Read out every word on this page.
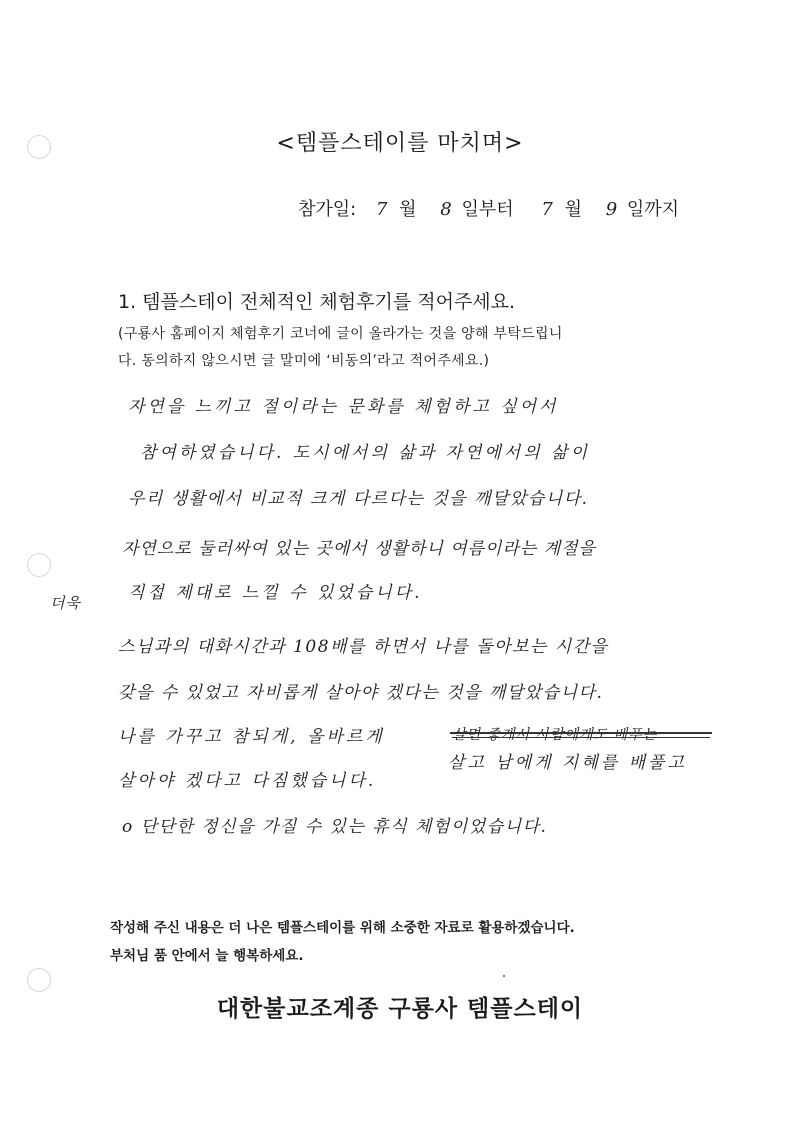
<템플스테이를 마치며>
참가일: 7 월 8 일부터 7 월 9 일까지
1. 템플스테이 전체적인 체험후기를 적어주세요.
(구룡사 홈페이지 체험후기 코너에 글이 올라가는 것을 양해 부탁드립니
다. 동의하지 않으시면 글 말미에 ‘비동의’라고 적어주세요.)
더욱
자연을 느끼고 절이라는 문화를 체험하고 싶어서
참여하였습니다. 도시에서의 삶과 자연에서의 삶이
우리 생활에서 비교적 크게 다르다는 것을 깨달았습니다.
자연으로 둘러싸여 있는 곳에서 생활하니 여름이라는 계절을
직접 제대로 느낄 수 있었습니다.
스님과의 대화시간과 108배를 하면서 나를 돌아보는 시간을
갖을 수 있었고 자비롭게 살아야 겠다는 것을 깨달았습니다.
나를 가꾸고 참되게, 올바르게	살면 좋게서 사람에게도 베푸는
살고 남에게 지혜를 배풀고
살아야 겠다고 다짐했습니다.
o 단단한 정신을 가질 수 있는 휴식 체험이었습니다.
작성해 주신 내용은 더 나은 템플스테이를 위해 소중한 자료로 활용하겠습니다.
부처님 품 안에서 늘 행복하세요.
대한불교조계종 구룡사 템플스테이
